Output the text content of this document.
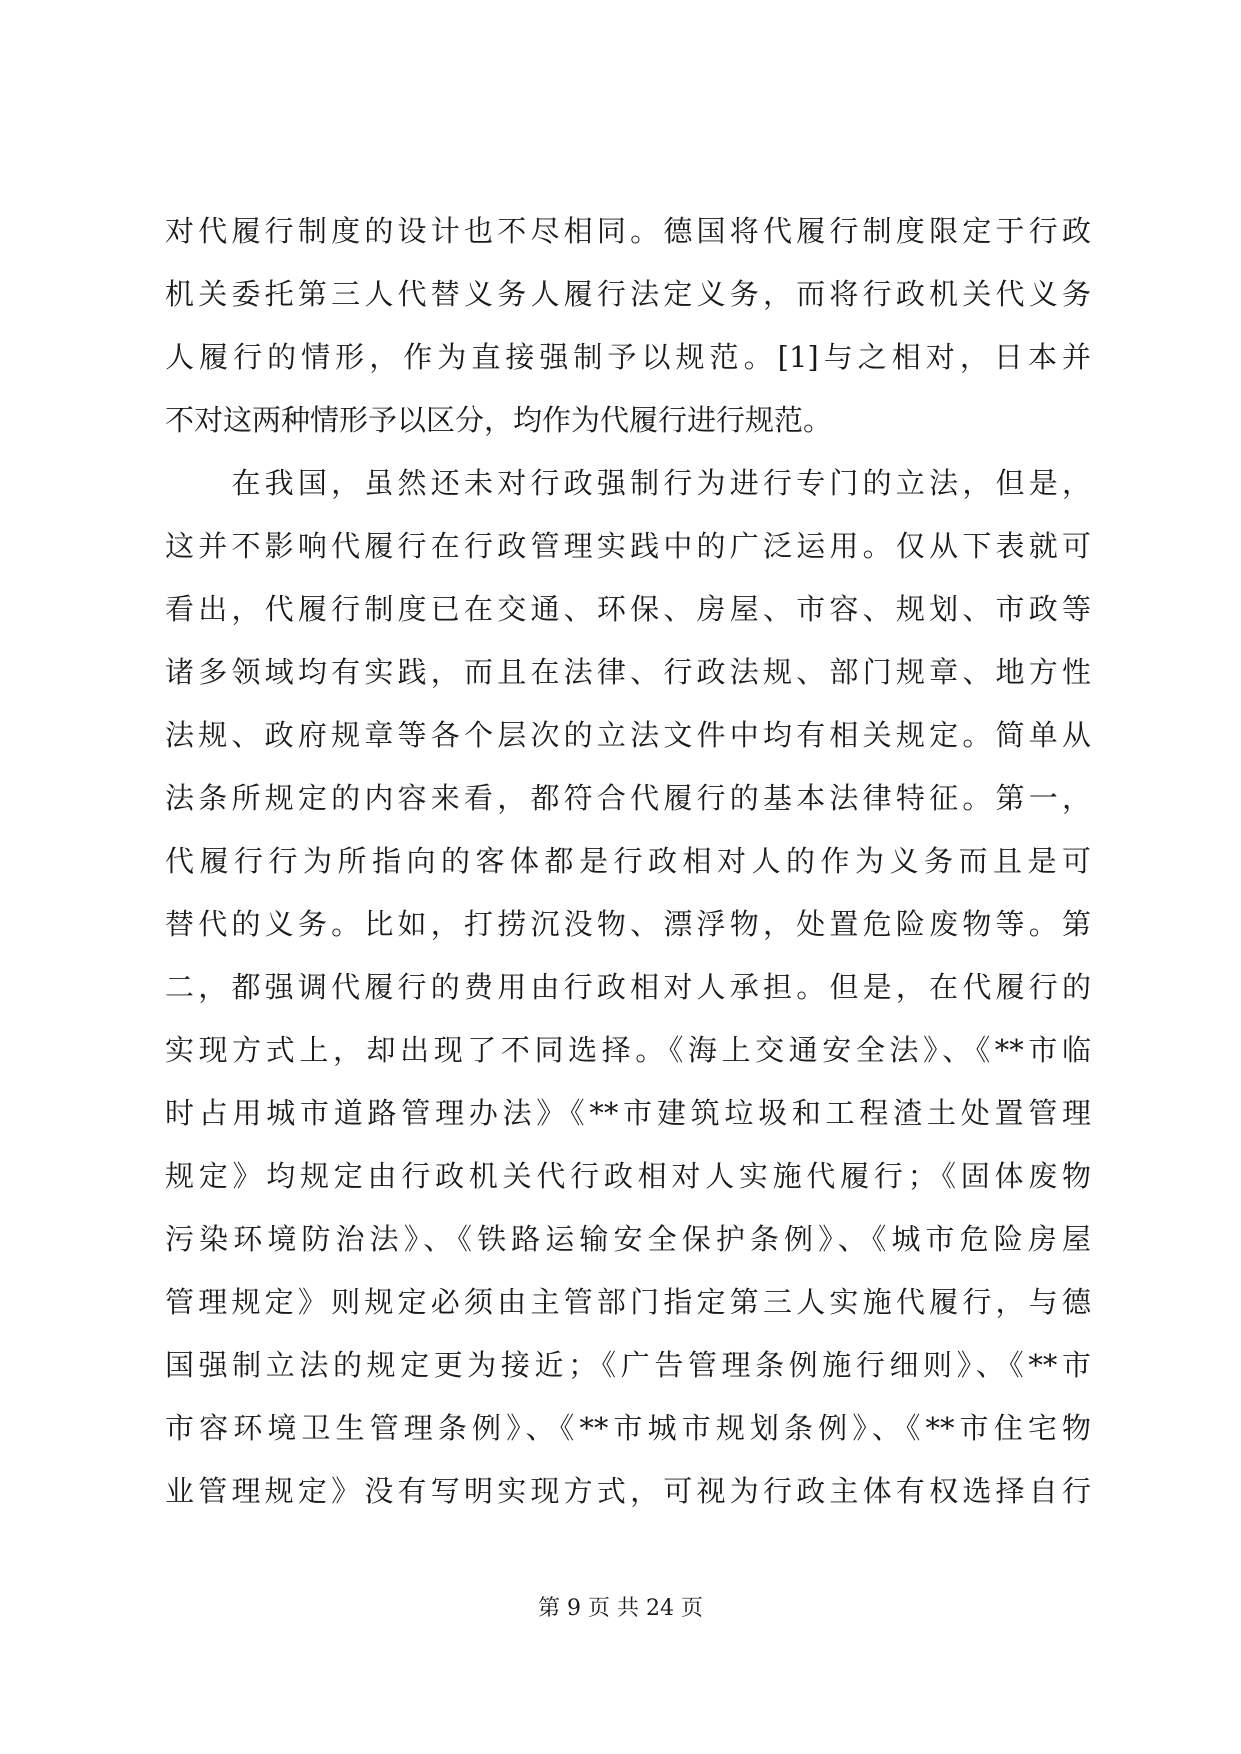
对代履行制度的设计也不尽相同。德国将代履行制度限定于行政
机关委托第三人代替义务人履行法定义务，而将行政机关代义务
人履行的情形，作为直接强制予以规范。[1]与之相对，日本并
不对这两种情形予以区分，均作为代履行进行规范。
　　在我国，虽然还未对行政强制行为进行专门的立法，但是，
这并不影响代履行在行政管理实践中的广泛运用。仅从下表就可
看出，代履行制度已在交通、环保、房屋、市容、规划、市政等
诸多领域均有实践，而且在法律、行政法规、部门规章、地方性
法规、政府规章等各个层次的立法文件中均有相关规定。简单从
法条所规定的内容来看，都符合代履行的基本法律特征。第一，
代履行行为所指向的客体都是行政相对人的作为义务而且是可
替代的义务。比如，打捞沉没物、漂浮物，处置危险废物等。第
二，都强调代履行的费用由行政相对人承担。但是，在代履行的
实现方式上，却出现了不同选择。《海上交通安全法》、《**市临
时占用城市道路管理办法》《**市建筑垃圾和工程渣土处置管理
规定》均规定由行政机关代行政相对人实施代履行；《固体废物
污染环境防治法》、《铁路运输安全保护条例》、《城市危险房屋
管理规定》则规定必须由主管部门指定第三人实施代履行，与德
国强制立法的规定更为接近；《广告管理条例施行细则》、《**市
市容环境卫生管理条例》、《**市城市规划条例》、《**市住宅物
业管理规定》没有写明实现方式，可视为行政主体有权选择自行
第 9 页 共 24 页
